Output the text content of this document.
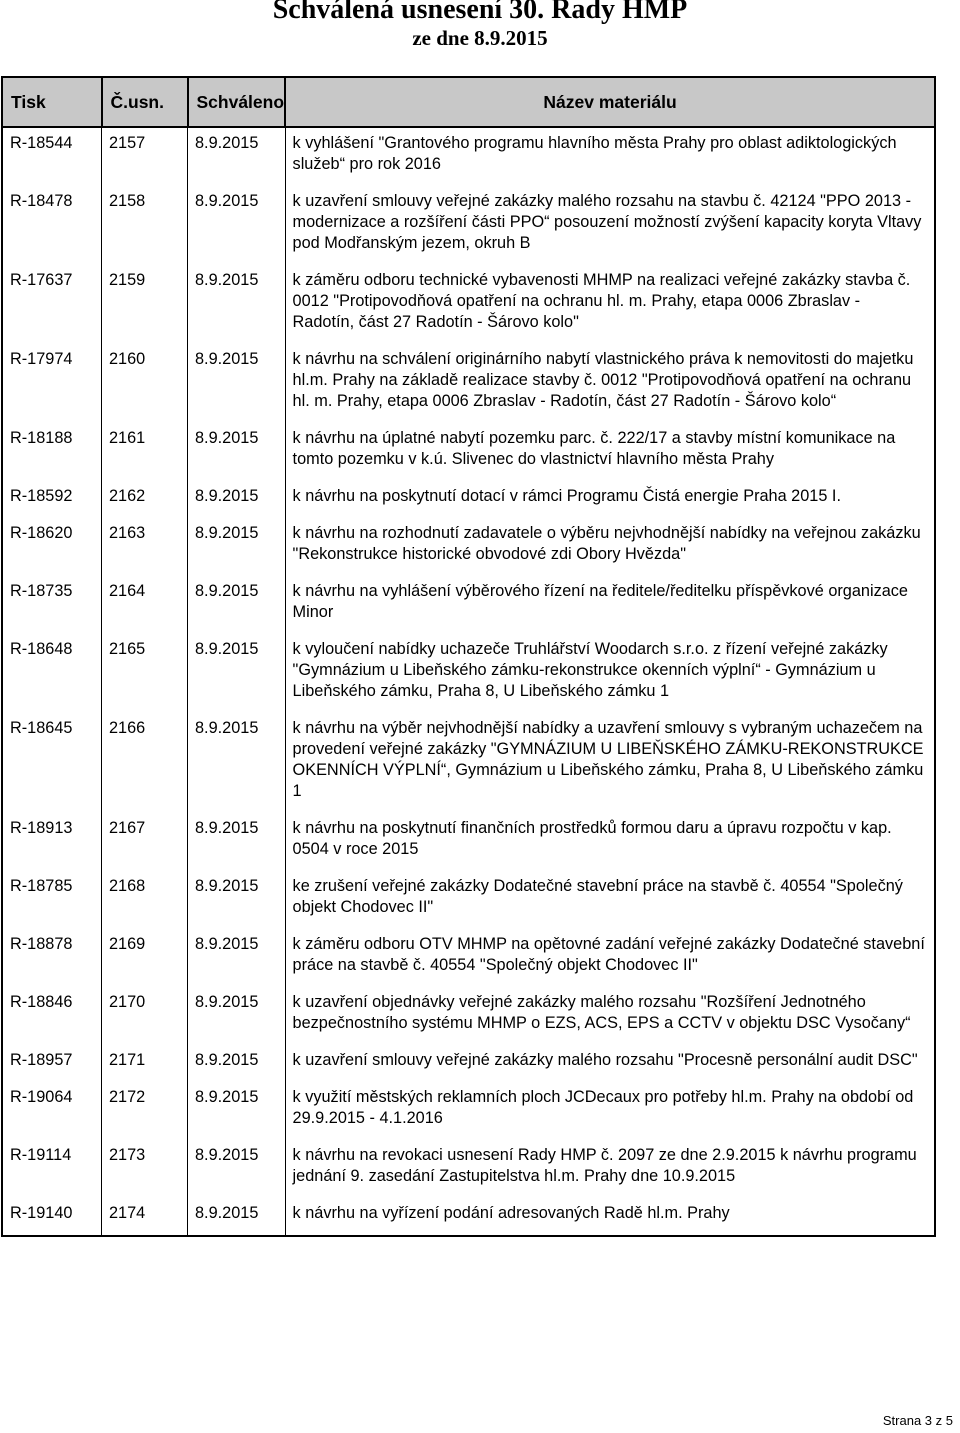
Schválená usnesení 30. Rady HMP
ze dne 8.9.2015
Tisk	Č.usn.	Schváleno	Název materiálu

R-18544	2157	8.9.2015	k vyhlášení "Grantového programu hlavního města Prahy pro oblast adiktologických služeb“ pro rok 2016

R-18478	2158	8.9.2015	k uzavření smlouvy veřejné zakázky malého rozsahu na stavbu č. 42124 "PPO 2013 - modernizace a rozšíření části PPO“ posouzení možností zvýšení kapacity koryta Vltavy pod Modřanským jezem, okruh B

R-17637	2159	8.9.2015	k záměru odboru technické vybavenosti MHMP na realizaci veřejné zakázky stavba č. 0012 "Protipovodňová opatření na ochranu hl. m. Prahy, etapa 0006 Zbraslav - Radotín, část 27 Radotín - Šárovo kolo"

R-17974	2160	8.9.2015	k návrhu na schválení originárního nabytí vlastnického práva k nemovitosti do majetku hl.m. Prahy na základě realizace stavby č. 0012 "Protipovodňová opatření na ochranu hl. m. Prahy, etapa 0006 Zbraslav - Radotín, část 27 Radotín - Šárovo kolo“

R-18188	2161	8.9.2015	k návrhu na úplatné nabytí pozemku parc. č. 222/17 a stavby místní komunikace na tomto pozemku v k.ú. Slivenec do vlastnictví hlavního města Prahy

R-18592	2162	8.9.2015	k návrhu na poskytnutí dotací v rámci Programu Čistá energie Praha 2015 I.

R-18620	2163	8.9.2015	k návrhu na rozhodnutí zadavatele o výběru nejvhodnější nabídky na veřejnou zakázku "Rekonstrukce historické obvodové zdi Obory Hvězda"

R-18735	2164	8.9.2015	k návrhu na vyhlášení výběrového řízení na ředitele/ředitelku příspěvkové organizace Minor

R-18648	2165	8.9.2015	k vyloučení nabídky uchazeče Truhlářství Woodarch s.r.o. z řízení veřejné zakázky "Gymnázium u Libeňského zámku-rekonstrukce okenních výplní“ - Gymnázium u Libeňského zámku, Praha 8, U Libeňského zámku 1

R-18645	2166	8.9.2015	k návrhu na výběr nejvhodnější nabídky a uzavření smlouvy s vybraným uchazečem na provedení veřejné zakázky "GYMNÁZIUM U LIBEŇSKÉHO ZÁMKU-REKONSTRUKCE OKENNÍCH VÝPLNÍ“, Gymnázium u Libeňského zámku, Praha 8, U Libeňského zámku 1

R-18913	2167	8.9.2015	k návrhu na poskytnutí finančních prostředků formou daru a úpravu rozpočtu v kap. 0504 v roce 2015

R-18785	2168	8.9.2015	ke zrušení veřejné zakázky Dodatečné stavební práce na stavbě č. 40554 "Společný objekt Chodovec II"

R-18878	2169	8.9.2015	k záměru odboru OTV MHMP na opětovné zadání veřejné zakázky Dodatečné stavební práce na stavbě č. 40554 "Společný objekt Chodovec II"

R-18846	2170	8.9.2015	k uzavření objednávky veřejné zakázky malého rozsahu "Rozšíření Jednotného bezpečnostního systému MHMP o EZS, ACS, EPS a CCTV v objektu DSC Vysočany“

R-18957	2171	8.9.2015	k uzavření smlouvy veřejné zakázky malého rozsahu "Procesně personální audit DSC"

R-19064	2172	8.9.2015	k využití městských reklamních ploch JCDecaux pro potřeby hl.m. Prahy na období od 29.9.2015 - 4.1.2016

R-19114	2173	8.9.2015	k návrhu na revokaci usnesení Rady HMP č. 2097 ze dne 2.9.2015 k návrhu programu jednání 9. zasedání Zastupitelstva hl.m. Prahy dne 10.9.2015

R-19140	2174	8.9.2015	k návrhu na vyřízení podání adresovaných Radě hl.m. Prahy
Strana 3 z 5
